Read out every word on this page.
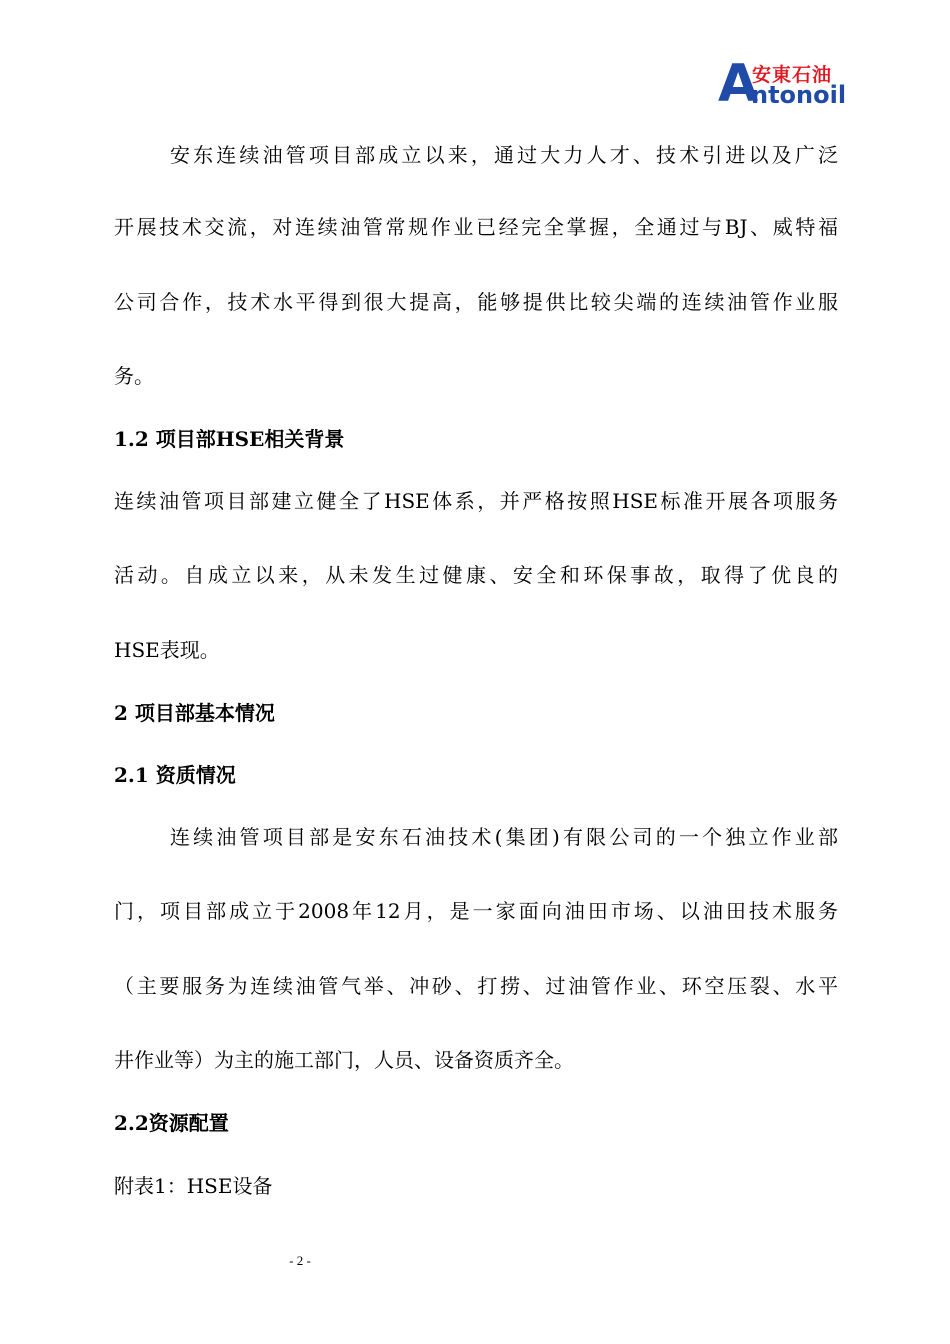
安東石油
A
ntonoil
安东连续油管项目部成立以来，通过大力人才、技术引进以及广泛
开展技术交流，对连续油管常规作业已经完全掌握，全通过与BJ、威特福
公司合作，技术水平得到很大提高，能够提供比较尖端的连续油管作业服
务。
1.2 项目部HSE相关背景
连续油管项目部建立健全了HSE体系，并严格按照HSE标准开展各项服务
活动。自成立以来，从未发生过健康、安全和环保事故，取得了优良的
HSE表现。
2 项目部基本情况
2.1 资质情况
连续油管项目部是安东石油技术(集团)有限公司的一个独立作业部
门，项目部成立于2008年12月，是一家面向油田市场、以油田技术服务
（主要服务为连续油管气举、冲砂、打捞、过油管作业、环空压裂、水平
井作业等）为主的施工部门，人员、设备资质齐全。
2.2资源配置
附表1：HSE设备
- 2 -
